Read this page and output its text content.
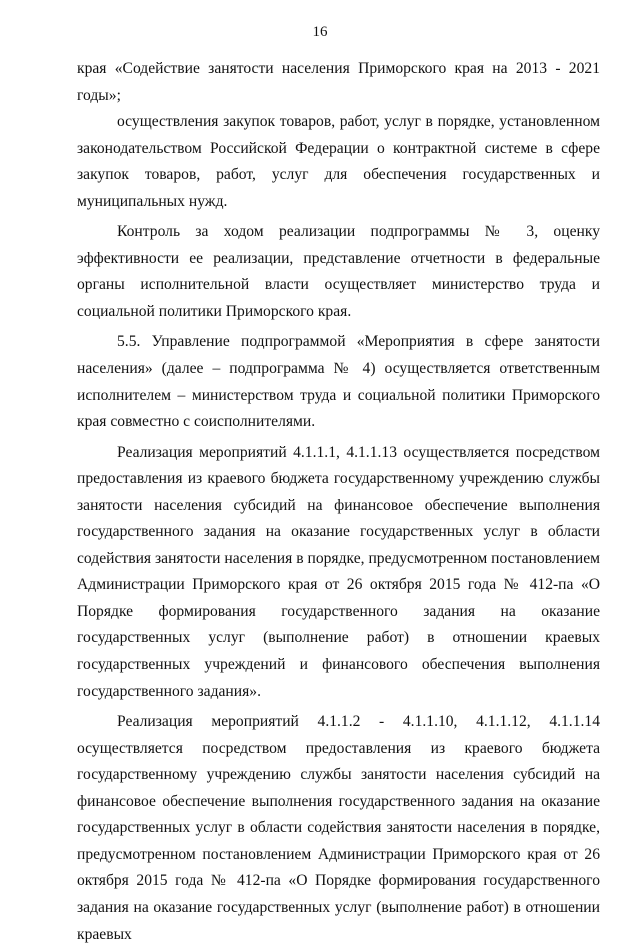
16

края «Содействие занятости населения Приморского края на 2013 - 2021 годы»;

осуществления закупок товаров, работ, услуг в порядке, установленном законодательством Российской Федерации о контрактной системе в сфере закупок товаров, работ, услуг для обеспечения государственных и муниципальных нужд.

Контроль за ходом реализации подпрограммы № 3, оценку эффективности ее реализации, представление отчетности в федеральные органы исполнительной власти осуществляет министерство труда и социальной политики Приморского края.

5.5. Управление подпрограммой «Мероприятия в сфере занятости населения» (далее – подпрограмма № 4) осуществляется ответственным исполнителем – министерством труда и социальной политики Приморского края совместно с соисполнителями.

Реализация мероприятий 4.1.1.1, 4.1.1.13 осуществляется посредством предоставления из краевого бюджета государственному учреждению службы занятости населения субсидий на финансовое обеспечение выполнения государственного задания на оказание государственных услуг в области содействия занятости населения в порядке, предусмотренном постановлением Администрации Приморского края от 26 октября 2015 года № 412-па «О Порядке формирования государственного задания на оказание государственных услуг (выполнение работ) в отношении краевых государственных учреждений и финансового обеспечения выполнения государственного задания».

Реализация мероприятий 4.1.1.2 - 4.1.1.10, 4.1.1.12, 4.1.1.14 осуществляется посредством предоставления из краевого бюджета государственному учреждению службы занятости населения субсидий на финансовое обеспечение выполнения государственного задания на оказание государственных услуг в области содействия занятости населения в порядке, предусмотренном постановлением Администрации Приморского края от 26 октября 2015 года № 412-па «О Порядке формирования государственного задания на оказание государственных услуг (выполнение работ) в отношении краевых
